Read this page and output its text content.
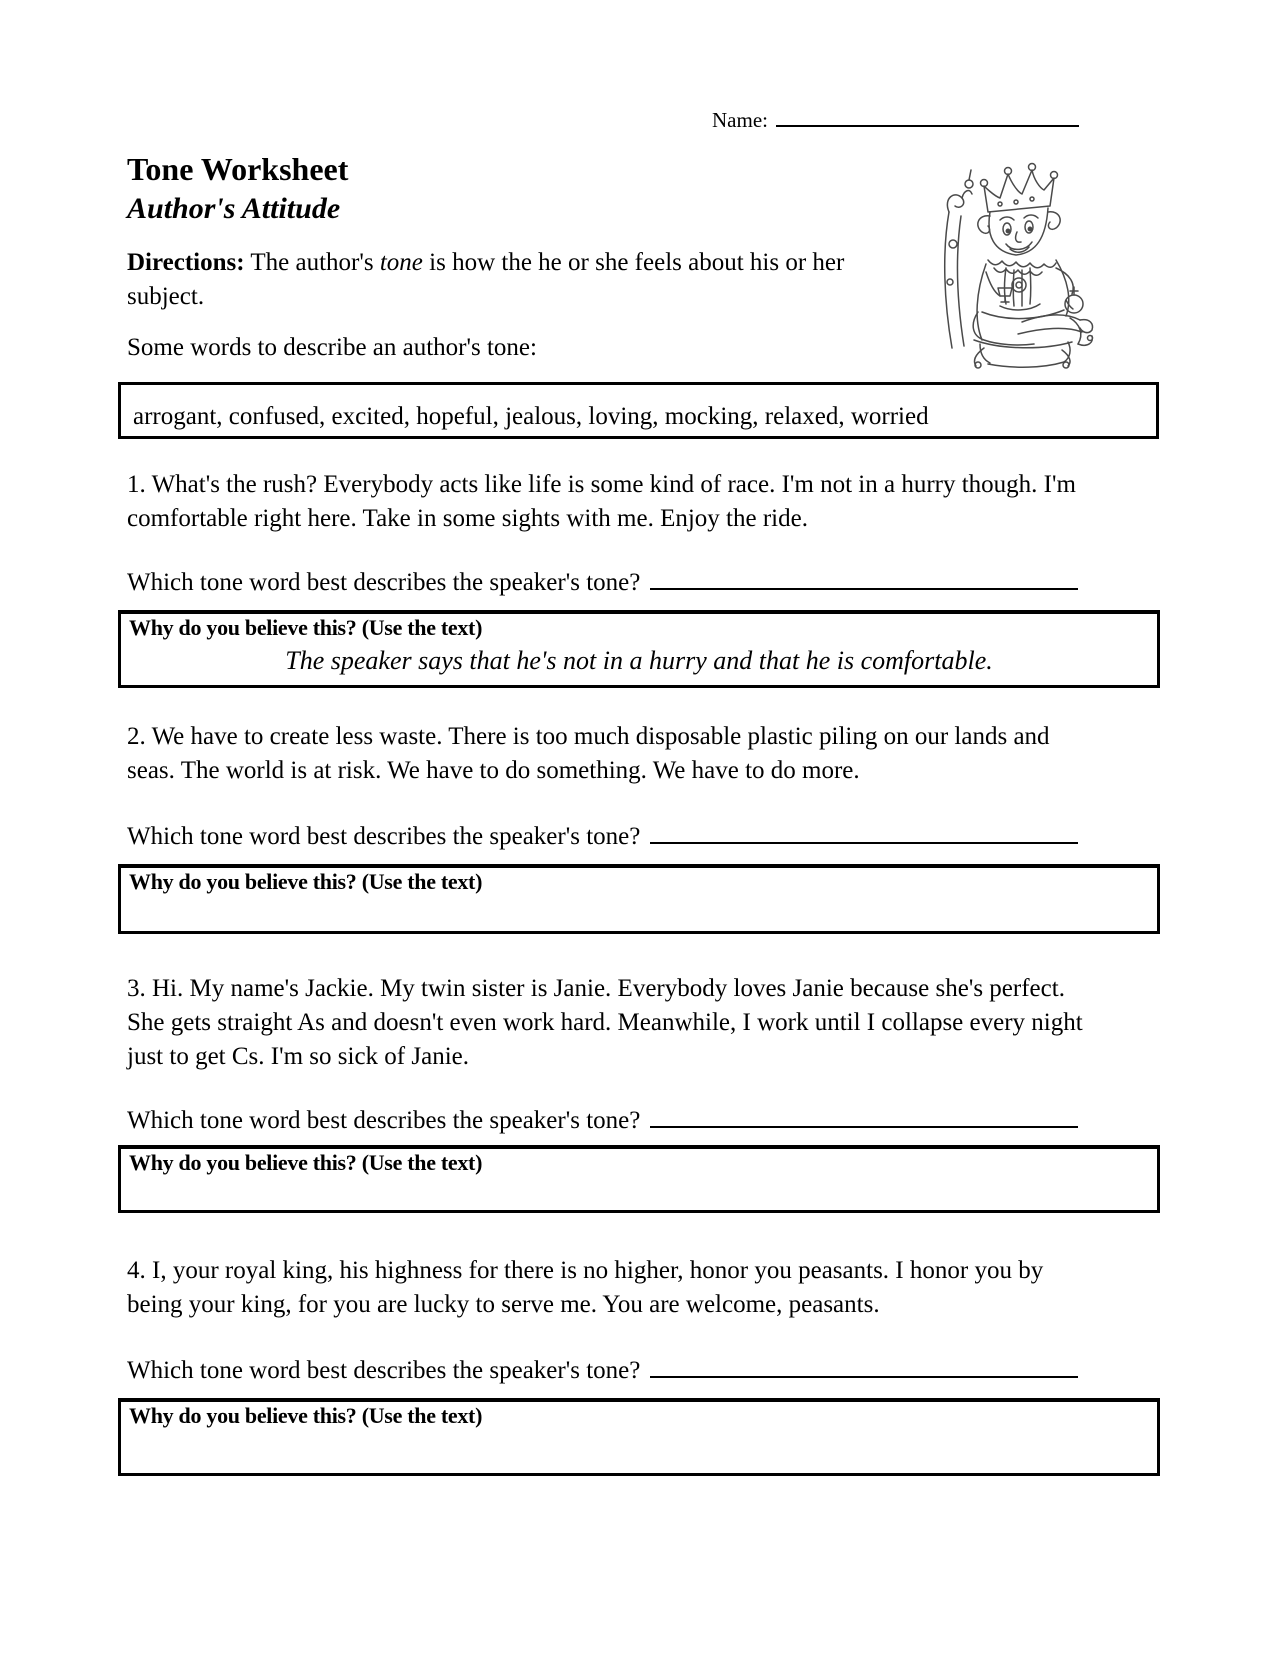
Name:
Tone Worksheet
Author's Attitude
Directions: The author's tone is how the he or she feels about his or her subject.
Some words to describe an author's tone:
arrogant, confused, excited, hopeful, jealous, loving, mocking, relaxed, worried
1. What's the rush? Everybody acts like life is some kind of race. I'm not in a hurry though. I'm comfortable right here. Take in some sights with me. Enjoy the ride.
Which tone word best describes the speaker's tone?
Why do you believe this? (Use the text)
The speaker says that he's not in a hurry and that he is comfortable.
2. We have to create less waste. There is too much disposable plastic piling on our lands and seas. The world is at risk. We have to do something. We have to do more.
Which tone word best describes the speaker's tone?
Why do you believe this? (Use the text)
3. Hi. My name's Jackie. My twin sister is Janie. Everybody loves Janie because she's perfect. She gets straight As and doesn't even work hard. Meanwhile, I work until I collapse every night just to get Cs. I'm so sick of Janie.
Which tone word best describes the speaker's tone?
Why do you believe this? (Use the text)
4. I, your royal king, his highness for there is no higher, honor you peasants. I honor you by being your king, for you are lucky to serve me. You are welcome, peasants.
Which tone word best describes the speaker's tone?
Why do you believe this? (Use the text)
